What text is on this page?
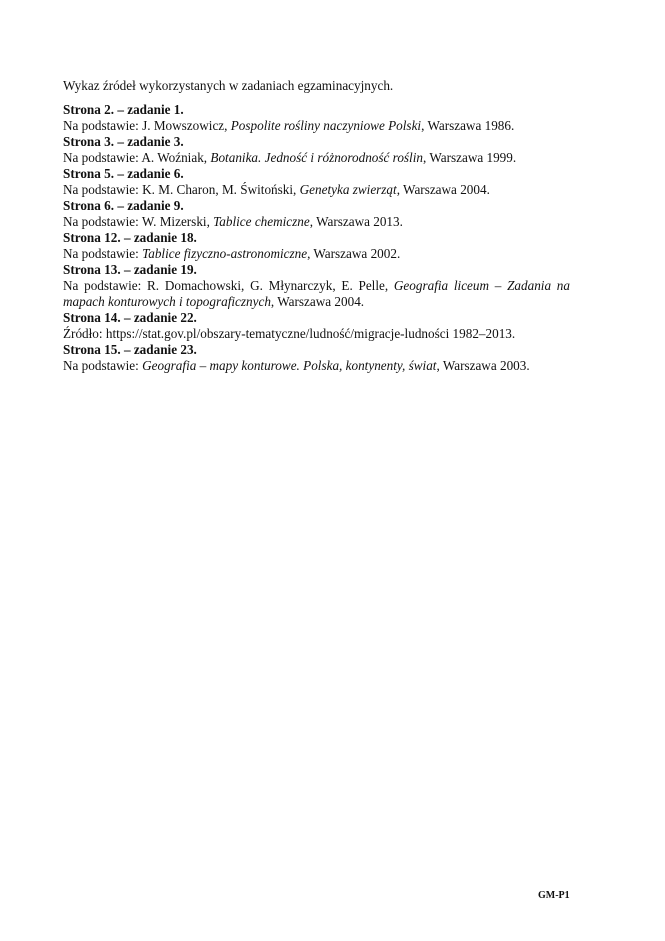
Wykaz źródeł wykorzystanych w zadaniach egzaminacyjnych.
Strona 2. – zadanie 1.
Na podstawie: J. Mowszowicz, Pospolite rośliny naczyniowe Polski, Warszawa 1986.
Strona 3. – zadanie 3.
Na podstawie: A. Woźniak, Botanika. Jedność i różnorodność roślin, Warszawa 1999.
Strona 5. – zadanie 6.
Na podstawie: K. M. Charon, M. Świtoński, Genetyka zwierząt, Warszawa 2004.
Strona 6. – zadanie 9.
Na podstawie: W. Mizerski, Tablice chemiczne, Warszawa 2013.
Strona 12. – zadanie 18.
Na podstawie: Tablice fizyczno-astronomiczne, Warszawa 2002.
Strona 13. – zadanie 19.
Na podstawie: R. Domachowski, G. Młynarczyk, E. Pelle, Geografia liceum – Zadania na mapach konturowych i topograficznych, Warszawa 2004.
Strona 14. – zadanie 22.
Źródło: https://stat.gov.pl/obszary-tematyczne/ludność/migracje-ludności 1982–2013.
Strona 15. – zadanie 23.
Na podstawie: Geografia – mapy konturowe. Polska, kontynenty, świat, Warszawa 2003.
GM-P1
